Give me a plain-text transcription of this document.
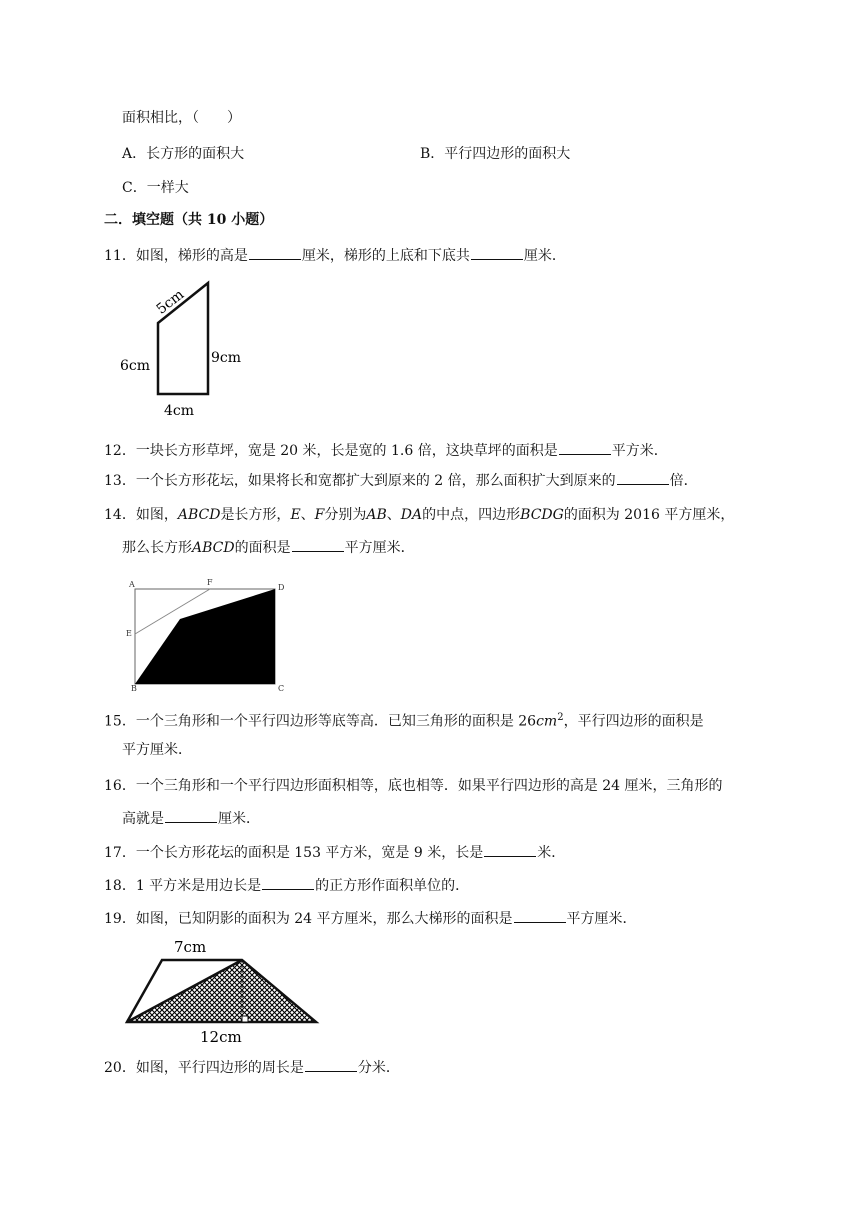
面积相比，（　　）
A．长方形的面积大	B．平行四边形的面积大
C．一样大
二．填空题（共 10 小题）
11．如图，梯形的高是	厘米，梯形的上底和下底共	厘米．
5cm
6cm	9cm
4cm
12．一块长方形草坪，宽是 20 米，长是宽的 1.6 倍，这块草坪的面积是	平方米．
13．一个长方形花坛，如果将长和宽都扩大到原来的 2 倍，那么面积扩大到原来的	倍．
14．如图，ABCD是长方形，E、F分别为AB、DA的中点，四边形BCDG的面积为 2016 平方厘米，
那么长方形ABCD的面积是	平方厘米．
A	F
D
E
B	C
15．一个三角形和一个平行四边形等底等高．已知三角形的面积是 $26cm^2$，平行四边形的面积是
平方厘米．
16．一个三角形和一个平行四边形面积相等，底也相等．如果平行四边形的高是 24 厘米，三角形的
高就是	厘米．
17．一个长方形花坛的面积是 153 平方米，宽是 9 米，长是	米．
18．1 平方米是用边长是	的正方形作面积单位的．
19．如图，已知阴影的面积为 24 平方厘米，那么大梯形的面积是	平方厘米．
7cm
12cm
20．如图，平行四边形的周长是	分米．
